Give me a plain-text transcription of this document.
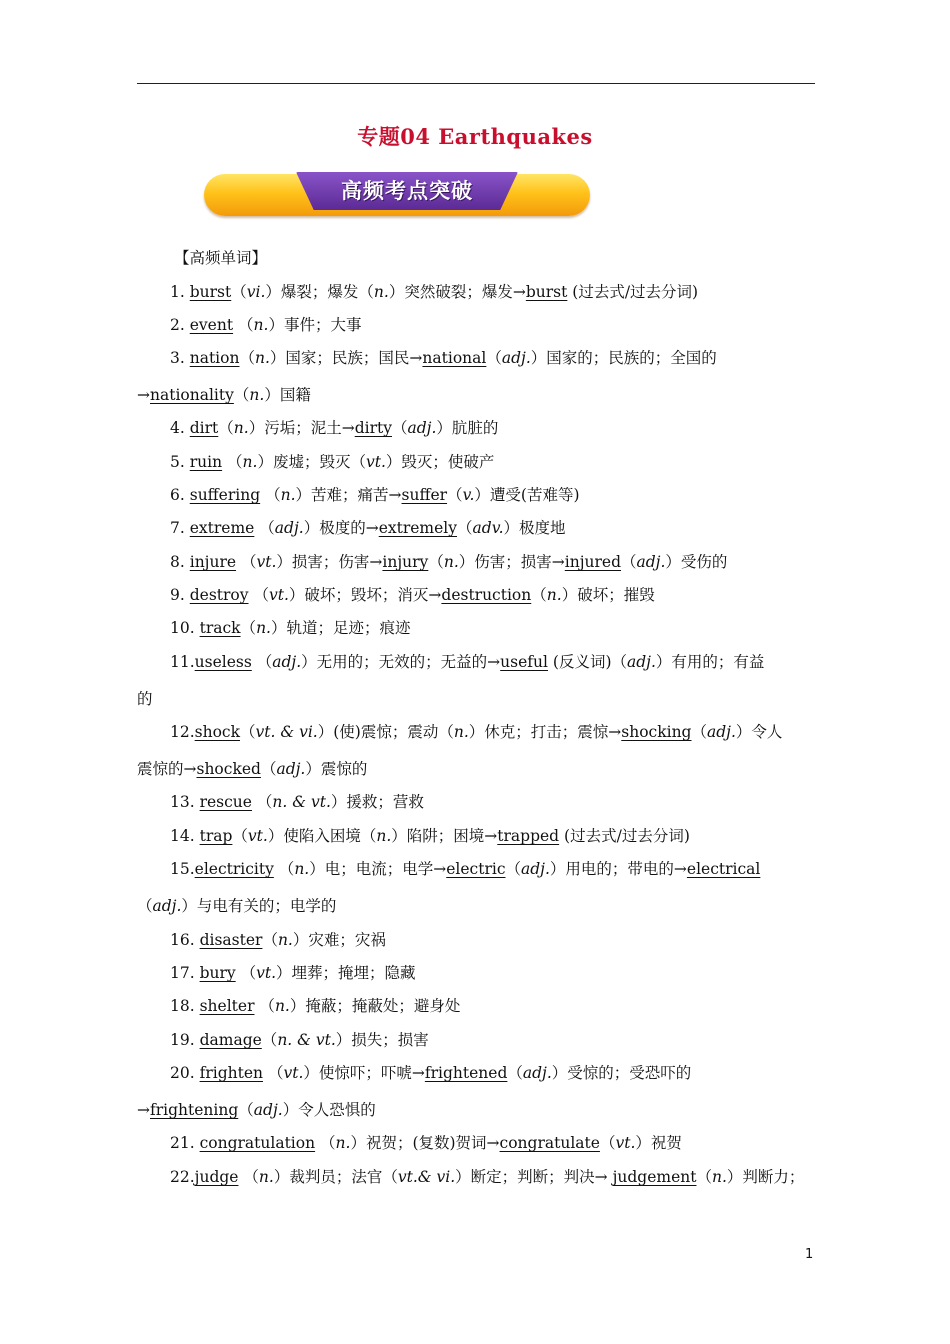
专题04 Earthquakes
高频考点突破
【高频单词】
1. burst（vi.）爆裂；爆发（n.）突然破裂；爆发→burst (过去式/过去分词)
2. event （n.）事件；大事
3. nation（n.）国家；民族；国民→national（adj.）国家的；民族的；全国的
→nationality（n.）国籍
4. dirt（n.）污垢；泥土→dirty（adj.）肮脏的
5. ruin （n.）废墟；毁灭（vt.）毁灭；使破产
6. suffering （n.）苦难；痛苦→suffer（v.）遭受(苦难等)
7. extreme （adj.）极度的→extremely（adv.）极度地
8. injure （vt.）损害；伤害→injury（n.）伤害；损害→injured（adj.）受伤的
9. destroy （vt.）破坏；毁坏；消灭→destruction（n.）破坏；摧毁
10. track（n.）轨道；足迹；痕迹
11.useless （adj.）无用的；无效的；无益的→useful (反义词)（adj.）有用的；有益
的
12.shock（vt. & vi.）(使)震惊；震动（n.）休克；打击；震惊→shocking（adj.）令人
震惊的→shocked（adj.）震惊的
13. rescue （n. & vt.）援救；营救
14. trap（vt.）使陷入困境（n.）陷阱；困境→trapped (过去式/过去分词)
15.electricity （n.）电；电流；电学→electric（adj.）用电的；带电的→electrical
（adj.）与电有关的；电学的
16. disaster（n.）灾难；灾祸
17. bury （vt.）埋葬；掩埋；隐藏
18. shelter （n.）掩蔽；掩蔽处；避身处
19. damage（n. & vt.）损失；损害
20. frighten （vt.）使惊吓；吓唬→frightened（adj.）受惊的；受恐吓的
→frightening（adj.）令人恐惧的
21. congratulation （n.）祝贺；(复数)贺词→congratulate（vt.）祝贺
22.judge （n.）裁判员；法官（vt.& vi.）断定；判断；判决→ judgement（n.）判断力；
1
